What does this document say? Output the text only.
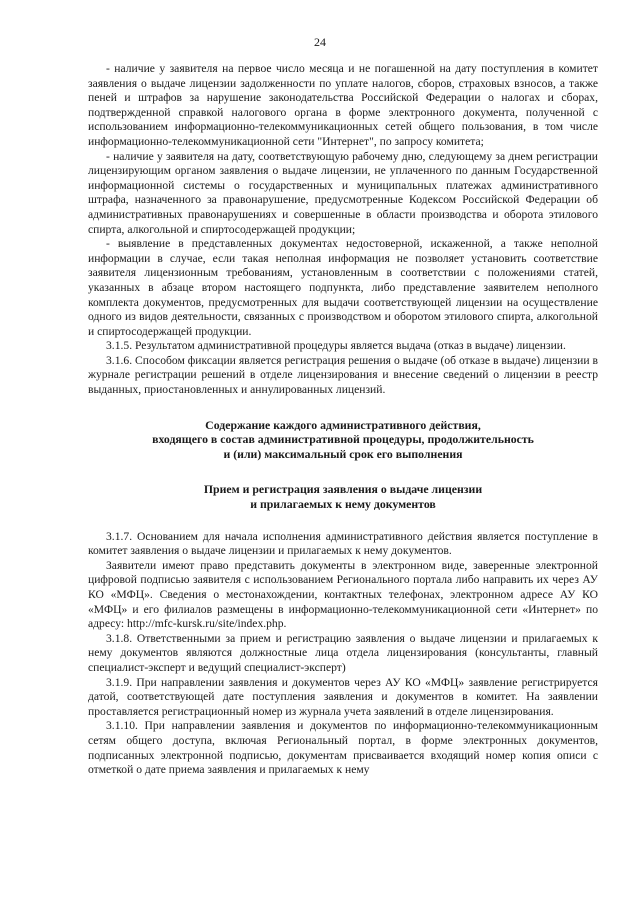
24

- наличие у заявителя на первое число месяца и не погашенной на дату поступления в комитет заявления о выдаче лицензии задолженности по уплате налогов, сборов, страховых взносов, а также пеней и штрафов за нарушение законодательства Российской Федерации о налогах и сборах, подтвержденной справкой налогового органа в форме электронного документа, полученной с использованием информационно-телекоммуникационных сетей общего пользования, в том числе информационно-телекоммуникационной сети "Интернет", по запросу комитета;

- наличие у заявителя на дату, соответствующую рабочему дню, следующему за днем регистрации лицензирующим органом заявления о выдаче лицензии, не уплаченного по данным Государственной информационной системы о государственных и муниципальных платежах административного штрафа, назначенного за правонарушение, предусмотренные Кодексом Российской Федерации об административных правонарушениях и совершенные в области производства и оборота этилового спирта, алкогольной и спиртосодержащей продукции;

- выявление в представленных документах недостоверной, искаженной, а также неполной информации в случае, если такая неполная информация не позволяет установить соответствие заявителя лицензионным требованиям, установленным в соответствии с положениями статей, указанных в абзаце втором настоящего подпункта, либо представление заявителем неполного комплекта документов, предусмотренных для выдачи соответствующей лицензии на осуществление одного из видов деятельности, связанных с производством и оборотом этилового спирта, алкогольной и спиртосодержащей продукции.

3.1.5. Результатом административной процедуры является выдача (отказ в выдаче) лицензии.

3.1.6. Способом фиксации является регистрация решения о выдаче (об отказе в выдаче) лицензии в журнале регистрации решений в отделе лицензирования и внесение сведений о лицензии в реестр выданных, приостановленных и аннулированных лицензий.

Содержание каждого административного действия,
входящего в состав административной процедуры, продолжительность
и (или) максимальный срок его выполнения

Прием и регистрация заявления о выдаче лицензии
и прилагаемых к нему документов

3.1.7. Основанием для начала исполнения административного действия является поступление в комитет заявления о выдаче лицензии и прилагаемых к нему документов.

Заявители имеют право представить документы в электронном виде, заверенные электронной цифровой подписью заявителя с использованием Регионального портала либо направить их через АУ КО «МФЦ». Сведения о местонахождении, контактных телефонах, электронном адресе АУ КО «МФЦ» и его филиалов размещены в информационно-телекоммуникационной сети «Интернет» по адресу: http://mfc-kursk.ru/site/index.php.

3.1.8. Ответственными за прием и регистрацию заявления о выдаче лицензии и прилагаемых к нему документов являются должностные лица отдела лицензирования (консультанты, главный специалист-эксперт и ведущий специалист-эксперт)

3.1.9. При направлении заявления и документов через АУ КО «МФЦ» заявление регистрируется датой, соответствующей дате поступления заявления и документов в комитет. На заявлении проставляется регистрационный номер из журнала учета заявлений в отделе лицензирования.

3.1.10. При направлении заявления и документов по информационно-телекоммуникационным сетям общего доступа, включая Региональный портал, в форме электронных документов, подписанных электронной подписью, документам присваивается входящий номер копия описи с отметкой о дате приема заявления и прилагаемых к нему
